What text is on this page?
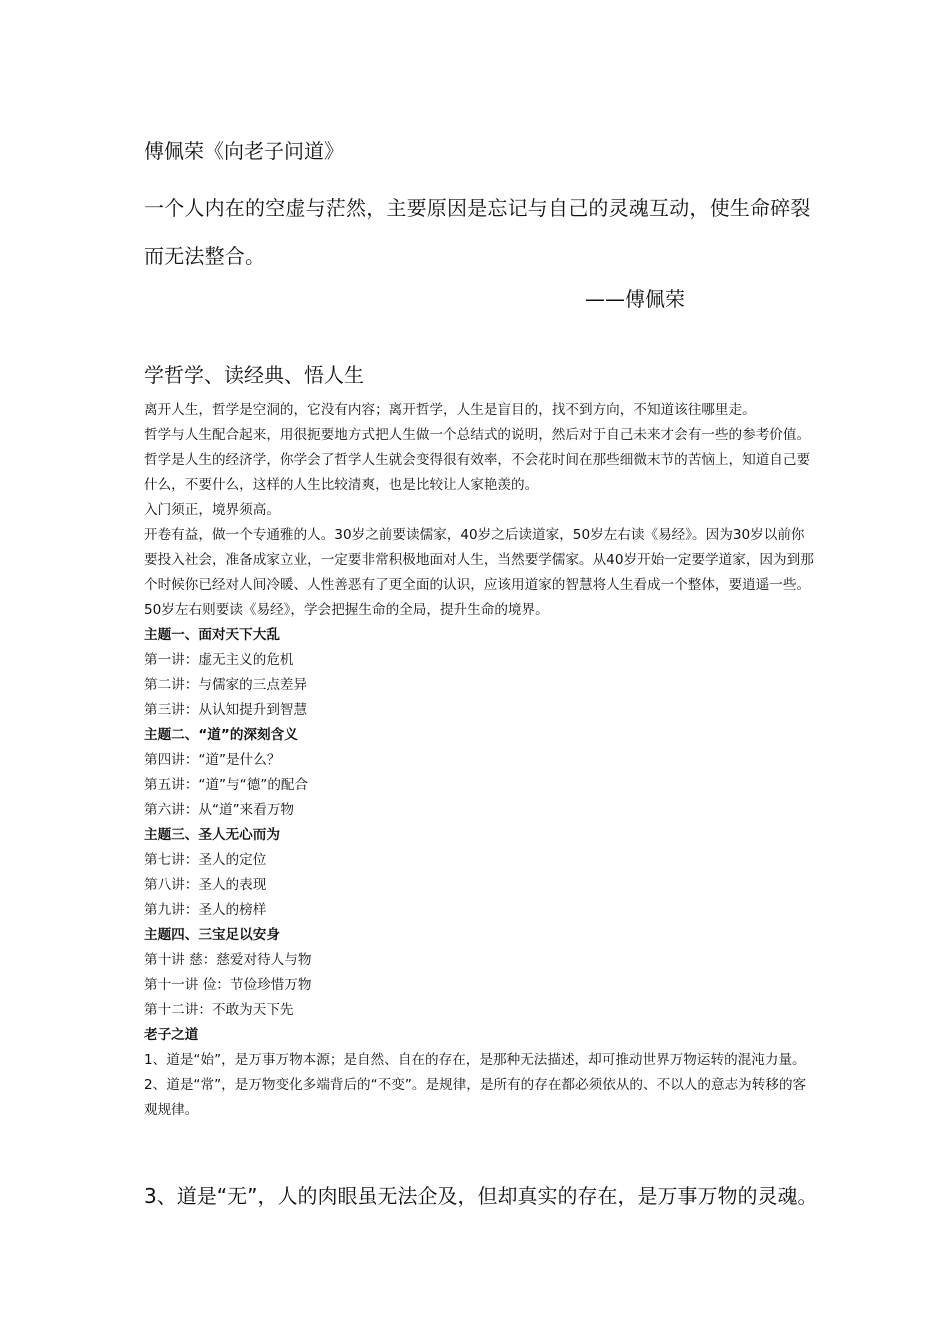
傅佩荣《向老子问道》
一个人内在的空虚与茫然，主要原因是忘记与自己的灵魂互动，使生命碎裂而无法整合。
——傅佩荣
学哲学、读经典、悟人生

离开人生，哲学是空洞的，它没有内容；离开哲学，人生是盲目的，找不到方向，不知道该往哪里走。

哲学与人生配合起来，用很扼要地方式把人生做一个总结式的说明，然后对于自己未来才会有一些的参考价值。

哲学是人生的经济学，你学会了哲学人生就会变得很有效率，不会花时间在那些细微末节的苦恼上，知道自己要什么，不要什么，这样的人生比较清爽，也是比较让人家艳羡的。

入门须正，境界须高。

开卷有益，做一个专通雅的人。30岁之前要读儒家，40岁之后读道家，50岁左右读《易经》。因为30岁以前你要投入社会，准备成家立业，一定要非常积极地面对人生，当然要学儒家。从40岁开始一定要学道家，因为到那个时候你已经对人间冷暖、人性善恶有了更全面的认识，应该用道家的智慧将人生看成一个整体，要逍遥一些。50岁左右则要读《易经》，学会把握生命的全局，提升生命的境界。

主题一、面对天下大乱

第一讲：虚无主义的危机

第二讲：与儒家的三点差异

第三讲：从认知提升到智慧

主题二、“道”的深刻含义

第四讲：“道”是什么？

第五讲：“道”与“德”的配合

第六讲：从“道”来看万物

主题三、圣人无心而为

第七讲：圣人的定位

第八讲：圣人的表现

第九讲：圣人的榜样

主题四、三宝足以安身

第十讲 慈：慈爱对待人与物

第十一讲 俭：节俭珍惜万物

第十二讲：不敢为天下先

老子之道

1、道是“始”，是万事万物本源；是自然、自在的存在，是那种无法描述，却可推动世界万物运转的混沌力量。

2、道是“常”，是万物变化多端背后的“不变”。是规律，是所有的存在都必须依从的、不以人的意志为转移的客观规律。

3、道是“无”，人的肉眼虽无法企及，但却真实的存在，是万事万物的灵魂。
